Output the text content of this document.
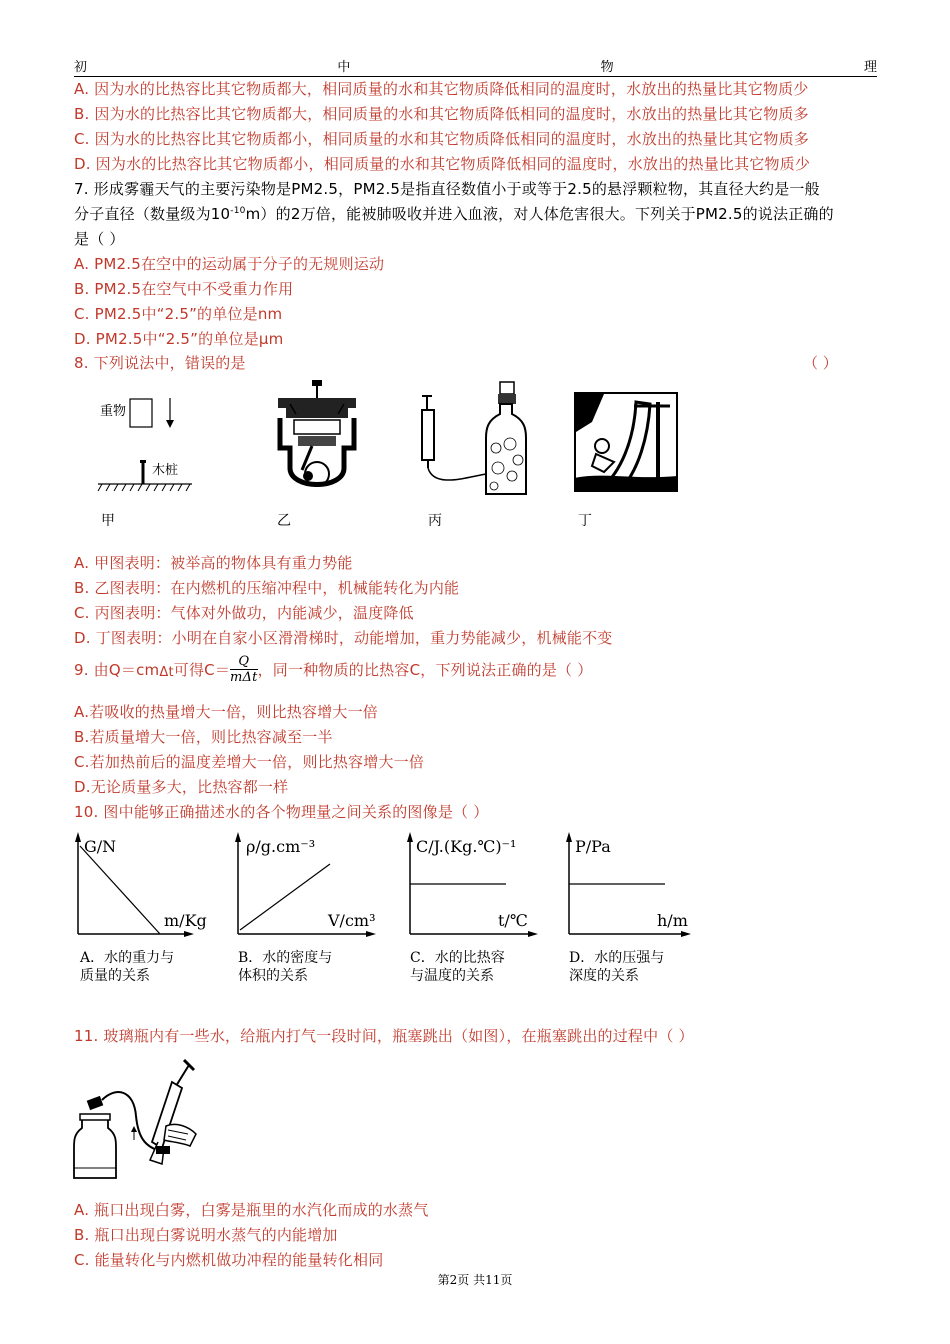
初	中	物	理
A. 因为水的比热容比其它物质都大，相同质量的水和其它物质降低相同的温度时，水放出的热量比其它物质少
B. 因为水的比热容比其它物质都大，相同质量的水和其它物质降低相同的温度时，水放出的热量比其它物质多
C. 因为水的比热容比其它物质都小，相同质量的水和其它物质降低相同的温度时，水放出的热量比其它物质多
D. 因为水的比热容比其它物质都小，相同质量的水和其它物质降低相同的温度时，水放出的热量比其它物质少
7. 形成雾霾天气的主要污染物是PM2.5，PM2.5是指直径数值小于或等于2.5的悬浮颗粒物，其直径大约是一般
分子直径（数量级为$10^{-10}m$）的2万倍，能被肺吸收并进入血液，对人体危害很大。下列关于PM2.5的说法正确的
是（ ）
A. PM2.5在空中的运动属于分子的无规则运动
B. PM2.5在空气中不受重力作用
C. PM2.5中“2.5”的单位是nm
D. PM2.5中“2.5”的单位是μm
8. 下列说法中，错误的是	（ ）
重物
木桩
甲	乙	丙	丁
A. 甲图表明：被举高的物体具有重力势能
B. 乙图表明：在内燃机的压缩冲程中，机械能转化为内能
C. 丙图表明：气体对外做功，内能减少，温度降低
D. 丁图表明：小明在自家小区滑滑梯时，动能增加，重力势能减少，机械能不变
9. 由Q＝cm Δt 可得$C= \frac{Q}{\text{mΔt}}$ ，同一种物质的比热容C，下列说法正确的是（ ）
A.若吸收的热量增大一倍，则比热容增大一倍
B.若质量增大一倍，则比热容减至一半
C.若加热前后的温度差增大一倍，则比热容增大一倍
D.无论质量多大，比热容都一样
10. 图中能够正确描述水的各个物理量之间关系的图像是（ ）
G/N
m/Kg
ρ/g.cm⁻³
V/cm³
C/J.(Kg.℃)⁻¹
t/℃
P/Pa
h/m
A．水的重力与
质量的关系
B．水的密度与
体积的关系
C．水的比热容
与温度的关系
D．水的压强与
深度的关系
11. 玻璃瓶内有一些水，给瓶内打气一段时间，瓶塞跳出（如图），在瓶塞跳出的过程中（ ）
A. 瓶口出现白雾，白雾是瓶里的水汽化而成的水蒸气
B. 瓶口出现白雾说明水蒸气的内能增加
C. 能量转化与内燃机做功冲程的能量转化相同
第2页 共11页
